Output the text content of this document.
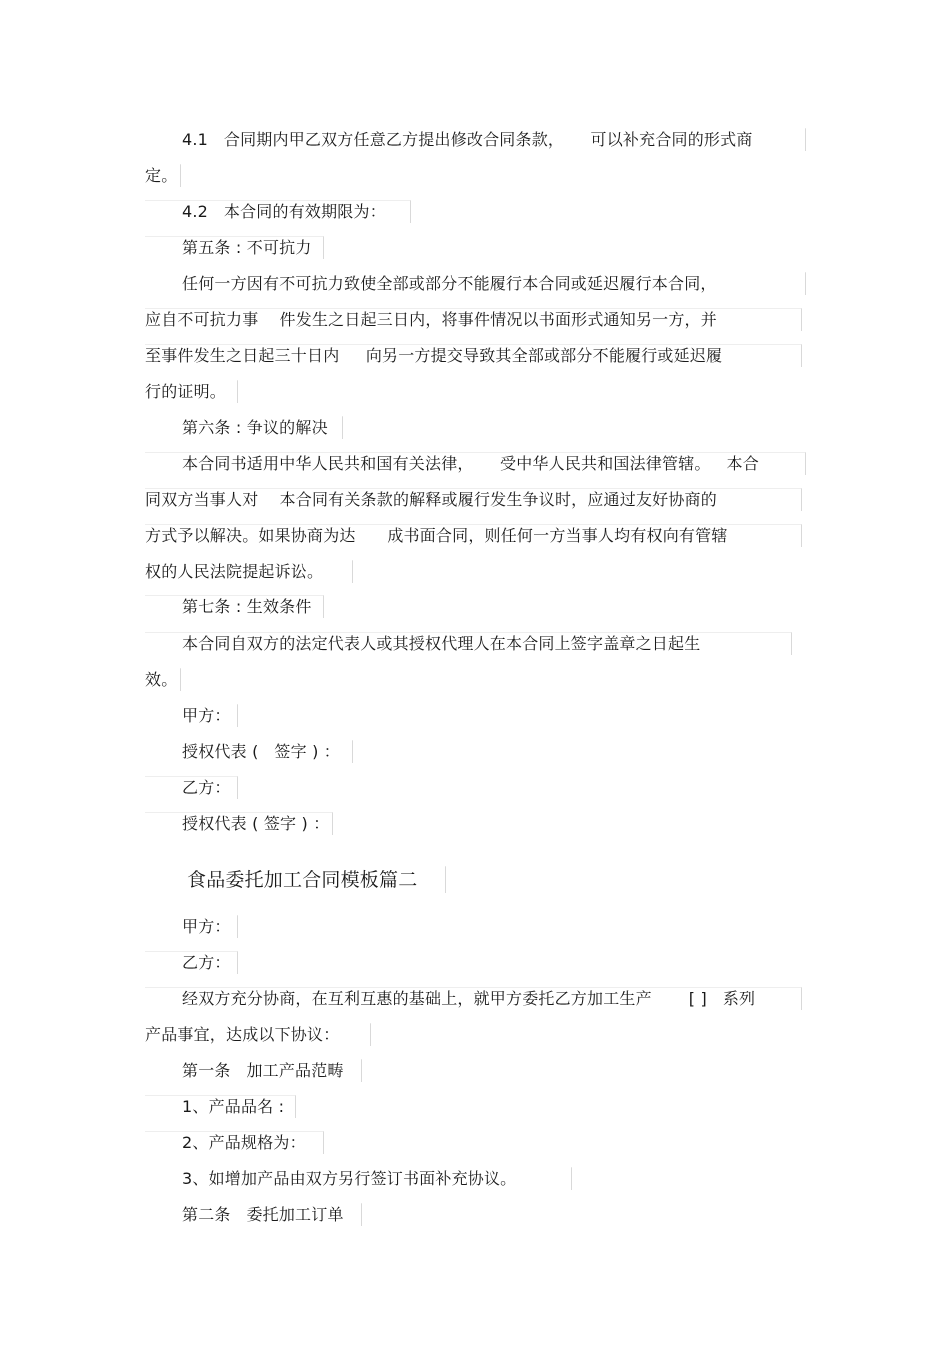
4.1   合同期内甲乙双方任意乙方提出修改合同条款，     可以补充合同的形式商
定。
4.2   本合同的有效期限为：
第五条 : 不可抗力
任何一方因有不可抗力致使全部或部分不能履行本合同或延迟履行本合同，
应自不可抗力事    件发生之日起三日内，将事件情况以书面形式通知另一方，并
至事件发生之日起三十日内     向另一方提交导致其全部或部分不能履行或延迟履
行的证明。
第六条 : 争议的解决
本合同书适用中华人民共和国有关法律，     受中华人民共和国法律管辖。   本合
同双方当事人对    本合同有关条款的解释或履行发生争议时，应通过友好协商的
方式予以解决。如果协商为达      成书面合同，则任何一方当事人均有权向有管辖
权的人民法院提起诉讼。
第七条 : 生效条件
本合同自双方的法定代表人或其授权代理人在本合同上签字盖章之日起生
效。
甲方：
授权代表 (   签字 ) ：
乙方：
授权代表 ( 签字 ) ：
食品委托加工合同模板篇二
甲方：
乙方：
经双方充分协商，在互利互惠的基础上，就甲方委托乙方加工生产       [ ]   系列
产品事宜，达成以下协议：
第一条   加工产品范畴
1、产品品名 :
2、产品规格为：
3、如增加产品由双方另行签订书面补充协议。
第二条   委托加工订单
